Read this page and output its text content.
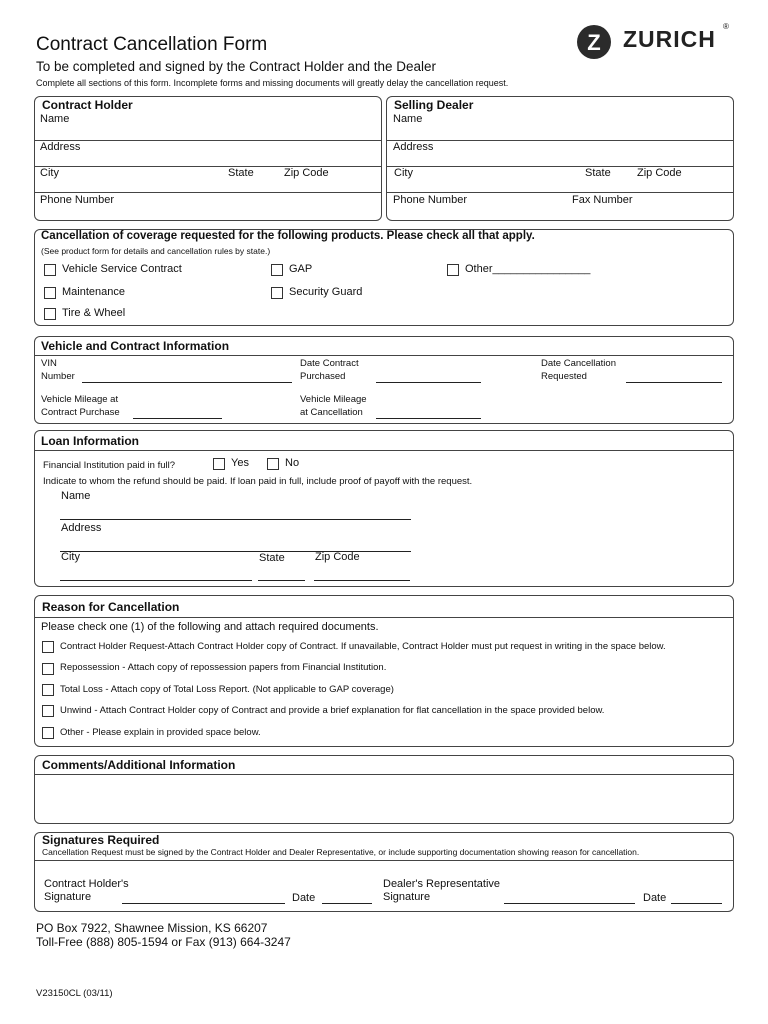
Contract Cancellation Form
To be completed and signed by the Contract Holder and the Dealer
Complete all sections of this form. Incomplete forms and missing documents will greatly delay the cancellation request.
Z ZURICH ®
Contract Holder
Name
Address
City	State	Zip Code
Phone Number
Selling Dealer
Name
Address
City	State Zip Code
Phone Number	Fax Number
Cancellation of coverage requested for the following products. Please check all that apply.
(See product form for details and cancellation rules by state.)
Vehicle Service Contract
Maintenance
Tire & Wheel
GAP
Security Guard
Other________________
Vehicle and Contract Information
VIN
Number
Date Contract
Purchased
Date Cancellation
Requested
Vehicle Mileage at
Contract Purchase
Vehicle Mileage
at Cancellation
Loan Information
Financial Institution paid in full?	Yes	No
Indicate to whom the refund should be paid. If loan paid in full, include proof of payoff with the request.
Name
Address
City	State	Zip Code
Reason for Cancellation
Please check one (1) of the following and attach required documents.
Contract Holder Request-Attach Contract Holder copy of Contract. If unavailable, Contract Holder must put request in writing in the space below.
Repossession - Attach copy of repossession papers from Financial Institution.
Total Loss - Attach copy of Total Loss Report. (Not applicable to GAP coverage)
Unwind - Attach Contract Holder copy of Contract and provide a brief explanation for flat cancellation in the space provided below.
Other - Please explain in provided space below.
Comments/Additional Information
Signatures Required
Cancellation Request must be signed by the Contract Holder and Dealer Representative, or include supporting documentation showing reason for cancellation.
Contract Holder's
Signature	Date
Dealer's Representative
Signature	Date
PO Box 7922, Shawnee Mission, KS 66207
Toll-Free (888) 805-1594 or Fax (913) 664-3247
V23150CL (03/11)
